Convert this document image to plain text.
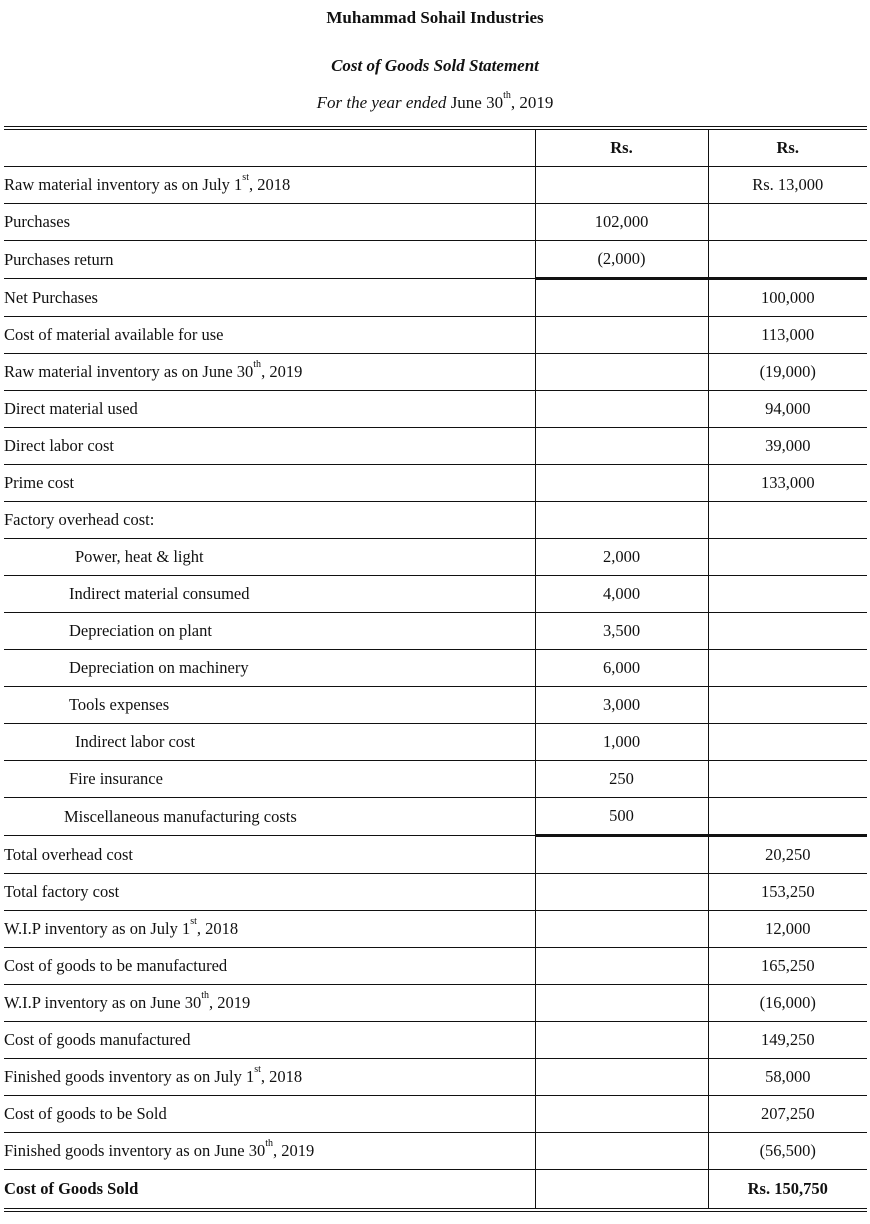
Muhammad Sohail Industries
Cost of Goods Sold Statement
For the year ended June 30th, 2019
	Rs.	Rs.
Raw material inventory as on July 1st, 2018		Rs. 13,000
Purchases	102,000	
Purchases return	(2,000)	
Net Purchases		100,000
Cost of material available for use		113,000
Raw material inventory as on June 30th, 2019		(19,000)
Direct material used		94,000
Direct labor cost		39,000
Prime cost		133,000
Factory overhead cost:		
Power, heat & light	2,000	
Indirect material consumed	4,000	
Depreciation on plant	3,500	
Depreciation on machinery	6,000	
Tools expenses	3,000	
Indirect labor cost	1,000	
Fire insurance	250	
Miscellaneous manufacturing costs	500	
Total overhead cost		20,250
Total factory cost		153,250
W.I.P inventory as on July 1st, 2018		12,000
Cost of goods to be manufactured		165,250
W.I.P inventory as on June 30th, 2019		(16,000)
Cost of goods manufactured		149,250
Finished goods inventory as on July 1st, 2018		58,000
Cost of goods to be Sold		207,250
Finished goods inventory as on June 30th, 2019		(56,500)
Cost of Goods Sold		Rs. 150,750
